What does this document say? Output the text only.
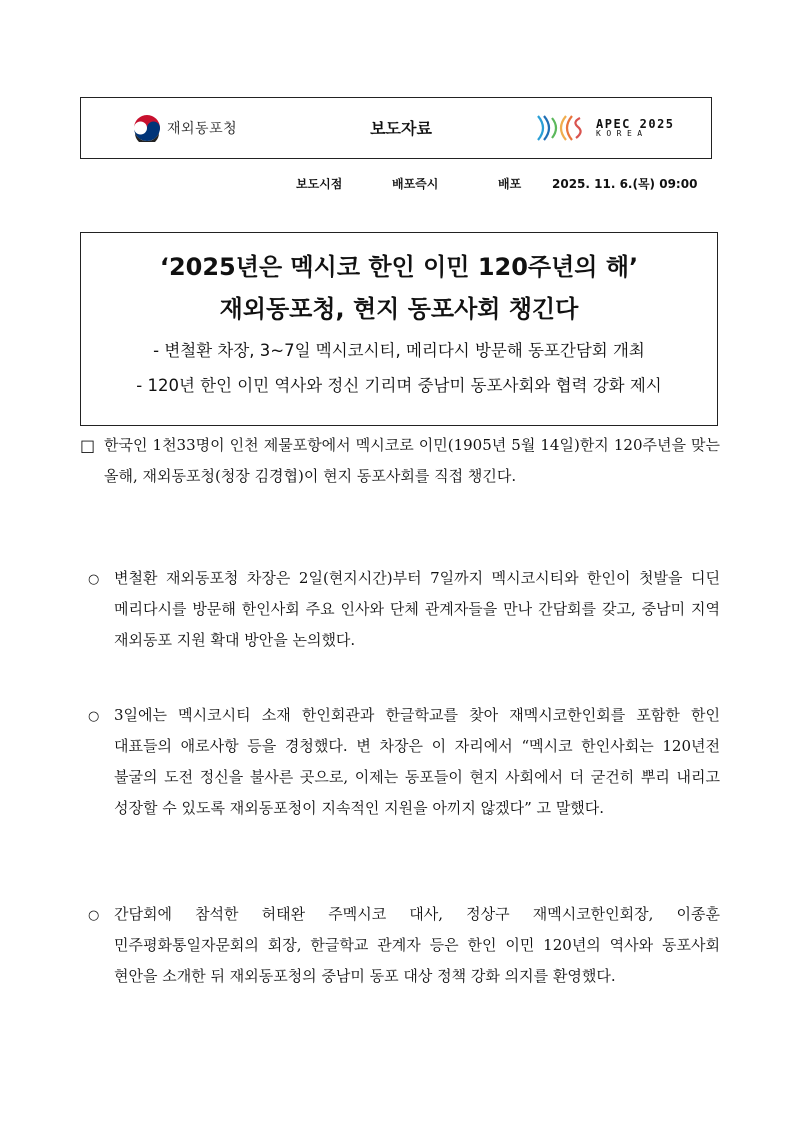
재외동포청	보도자료	APEC 2025
KOREA
보도시점	배포즉시	배포	2025. 11. 6.(목) 09:00
‘2025년은 멕시코 한인 이민 120주년의 해’
재외동포청, 현지 동포사회 챙긴다
- 변철환 차장, 3~7일 멕시코시티, 메리다시 방문해 동포간담회 개최
- 120년 한인 이민 역사와 정신 기리며 중남미 동포사회와 협력 강화 제시
□ 한국인 1천33명이 인천 제물포항에서 멕시코로 이민(1905년 5월 14일)한지 120주년을 맞는 올해, 재외동포청(청장 김경협)이 현지 동포사회를 직접 챙긴다.
○ 변철환 재외동포청 차장은 2일(현지시간)부터 7일까지 멕시코시티와 한인이 첫발을 디딘 메리다시를 방문해 한인사회 주요 인사와 단체 관계자들을 만나 간담회를 갖고, 중남미 지역 재외동포 지원 확대 방안을 논의했다.
○ 3일에는 멕시코시티 소재 한인회관과 한글학교를 찾아 재멕시코한인회를 포함한 한인 대표들의 애로사항 등을 경청했다. 변 차장은 이 자리에서 “멕시코 한인사회는 120년전 불굴의 도전 정신을 불사른 곳으로, 이제는 동포들이 현지 사회에서 더 굳건히 뿌리 내리고 성장할 수 있도록 재외동포청이 지속적인 지원을 아끼지 않겠다” 고 말했다.
○ 간담회에 참석한 허태완 주멕시코 대사, 정상구 재멕시코한인회장, 이종훈 민주평화통일자문회의 회장, 한글학교 관계자 등은 한인 이민 120년의 역사와 동포사회 현안을 소개한 뒤 재외동포청의 중남미 동포 대상 정책 강화 의지를 환영했다.
